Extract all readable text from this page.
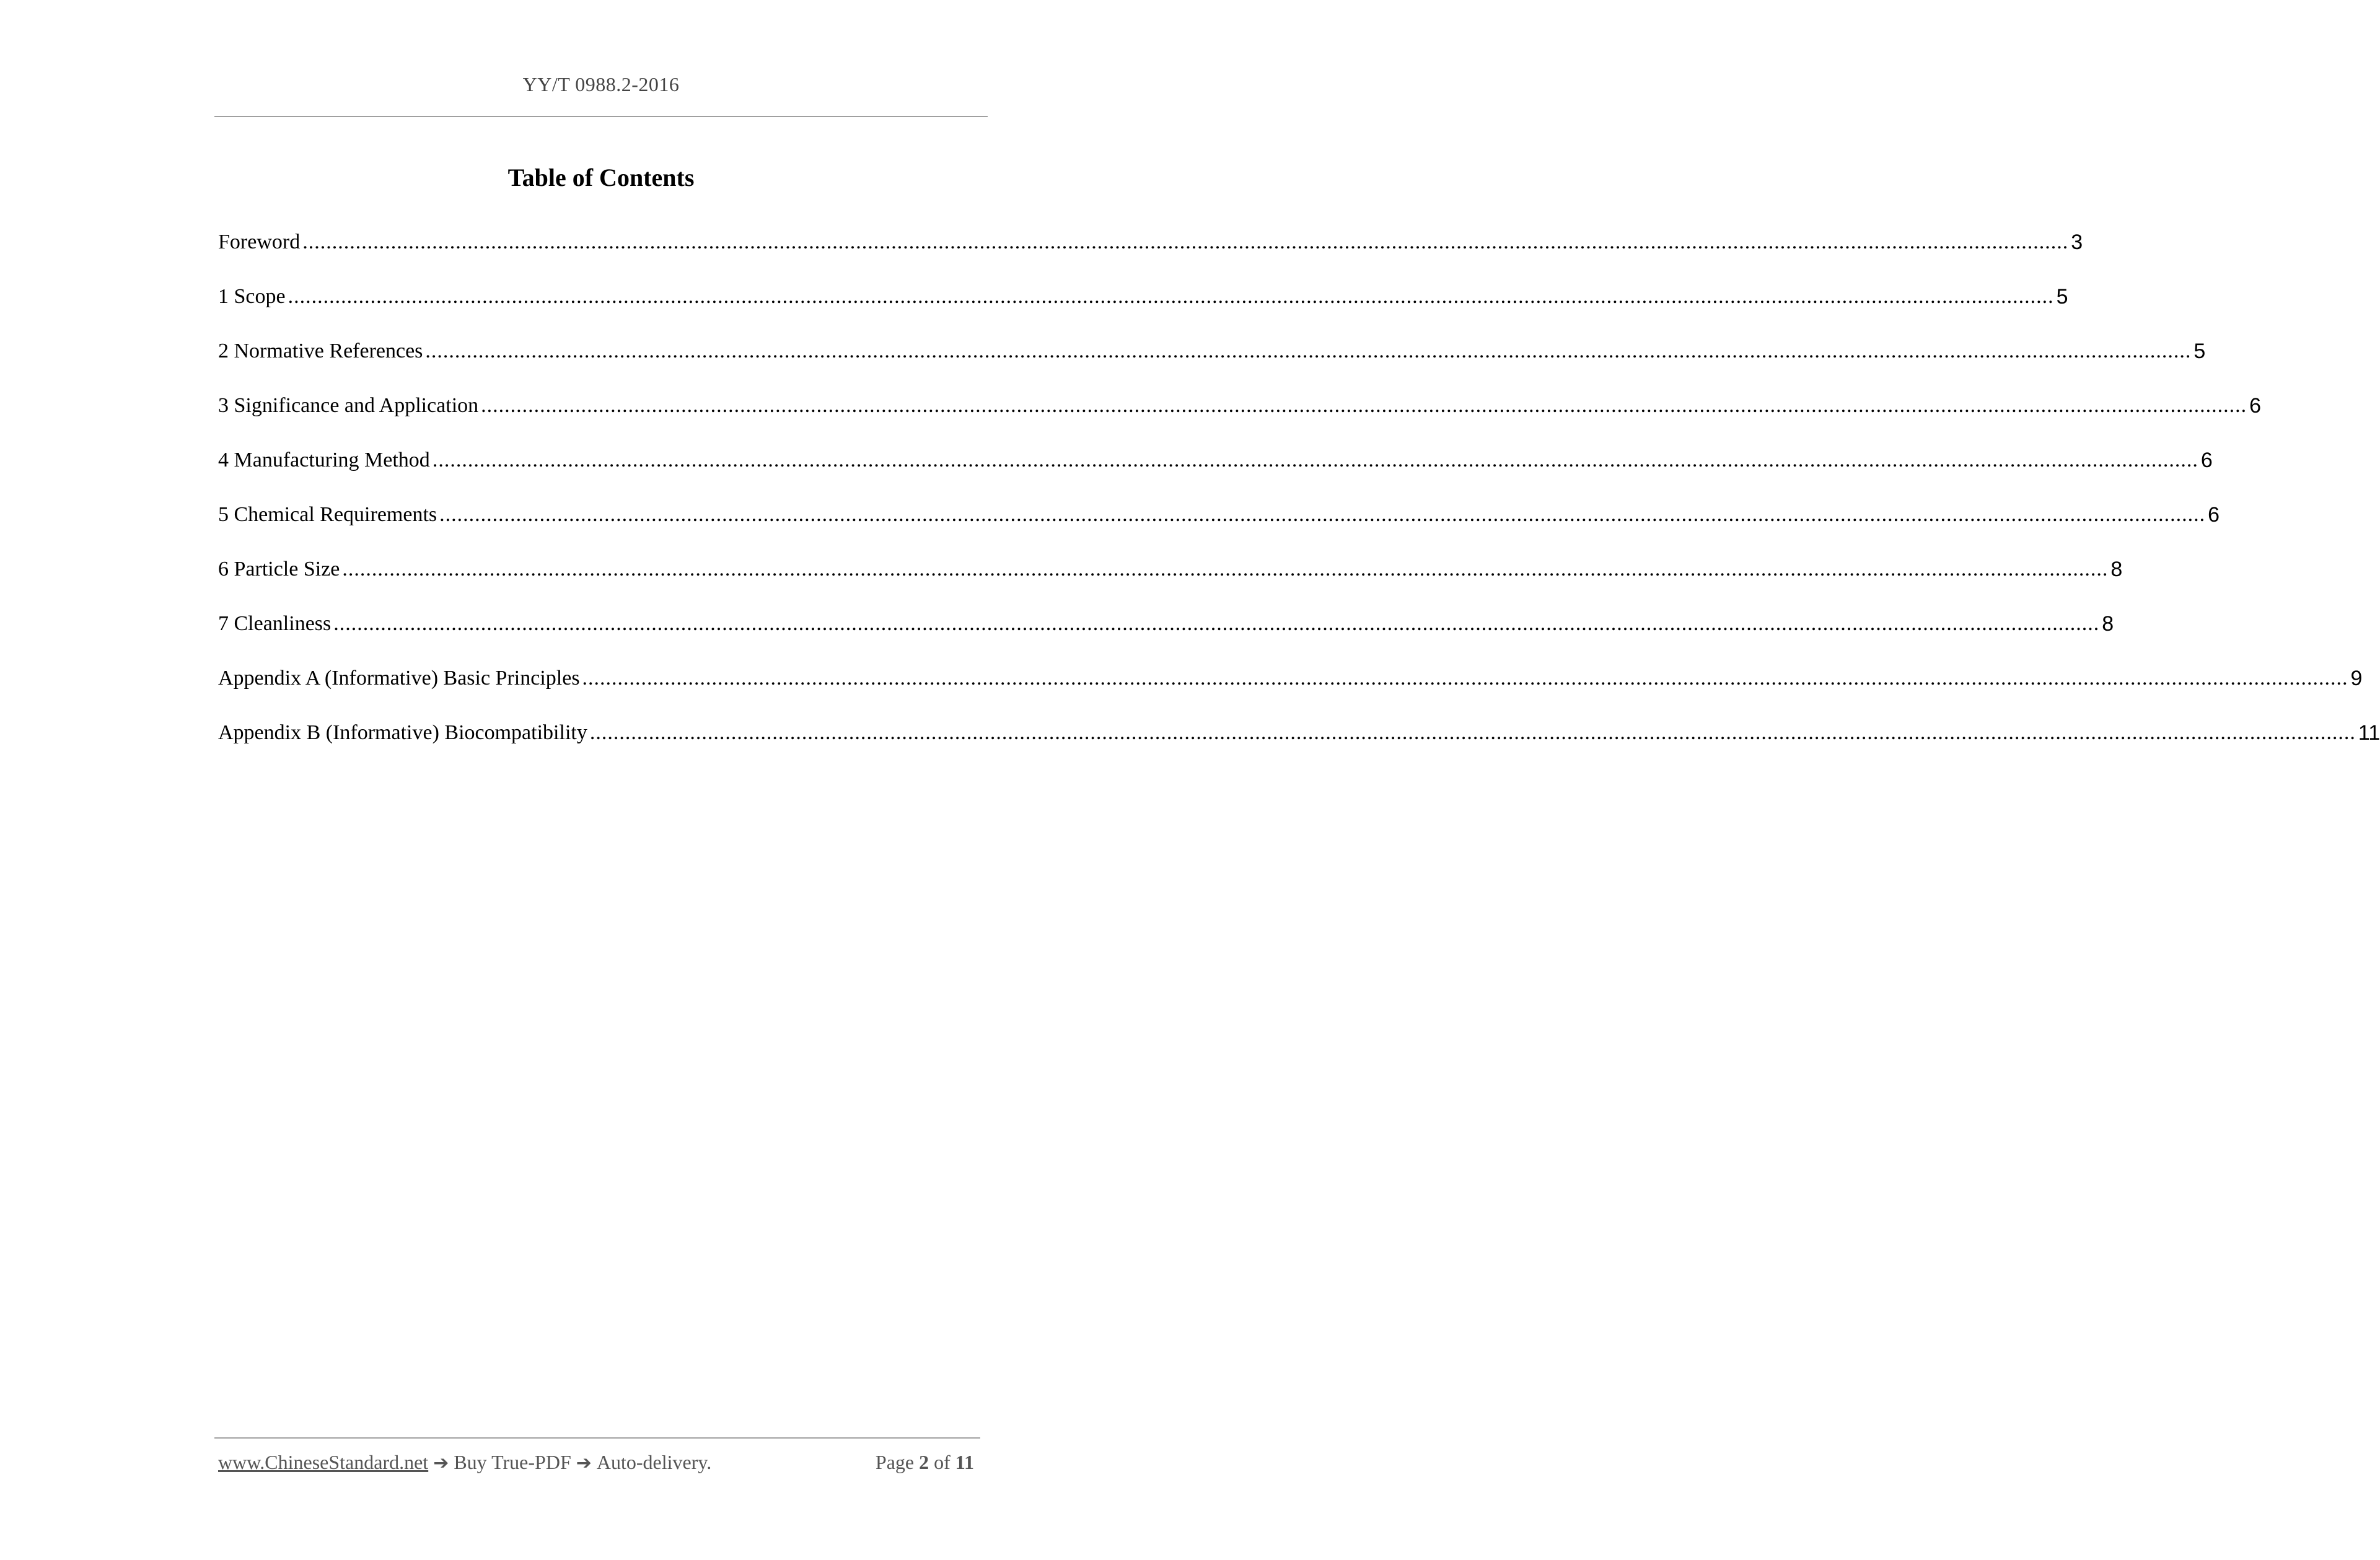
YY/T 0988.2-2016
Table of Contents
Foreword ............................................................................................................................................................................................................................................................................................................ 3
1 Scope ............................................................................................................................................................................................................................................................................................................ 5
2 Normative References ............................................................................................................................................................................................................................................................................................................ 5
3 Significance and Application ............................................................................................................................................................................................................................................................................................................ 6
4 Manufacturing Method ............................................................................................................................................................................................................................................................................................................ 6
5 Chemical Requirements ............................................................................................................................................................................................................................................................................................................ 6
6 Particle Size ............................................................................................................................................................................................................................................................................................................ 8
7 Cleanliness ............................................................................................................................................................................................................................................................................................................ 8
Appendix A (Informative) Basic Principles ............................................................................................................................................................................................................................................................................................................ 9
Appendix B (Informative) Biocompatibility ............................................................................................................................................................................................................................................................................................................ 11
www.ChineseStandard.net ➔ Buy True-PDF ➔ Auto-delivery.	Page 2 of 11
